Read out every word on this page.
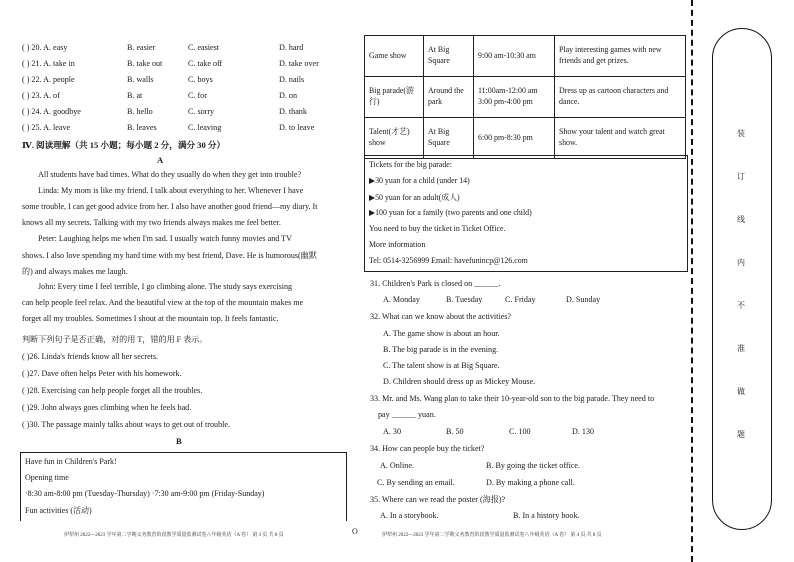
( ) 20. A. easy	B. easier	C. easiest	D. hard
( ) 21. A. take in	B. take out	C. take off	D. take over
( ) 22. A. people	B. walls	C. boys	D. nails
( ) 23. A. of	B. at	C. for	D. on
( ) 24. A. goodbye	B. hello	C. sorry	D. thank
( ) 25. A. leave	B. leaves	C. leaving	D. to leave
Ⅳ. 阅读理解（共 15 小题；每小题 2 分，满分 30 分）
A
All students have bad times. What do they usually do when they get into trouble?
Linda: My mom is like my friend. I talk about everything to her. Whenever I have
some trouble, I can get good advice from her. I also have another good friend—my diary. It
knows all my secrets. Talking with my two friends always makes me feel better.
Peter: Laughing helps me when I'm sad. I usually watch funny movies and TV
shows. I also love spending my hard time with my best friend, Dave. He is humorous(幽默
的) and always makes me laugh.
John: Every time I feel terrible, I go climbing alone. The study says exercising
can help people feel relax. And the beautiful view at the top of the mountain makes me
forget all my troubles. Sometimes I shout at the mountain top. It feels fantastic.
判断下列句子是否正确，对的用 T，错的用 F 表示。
( )26. Linda's friends know all her secrets.
( )27. Dave often helps Peter with his homework.
( )28. Exercising can help people forget all the troubles.
( )29. John always goes climbing when he feels bad.
( )30. The passage mainly talks about ways to get out of trouble.
B
Have fun in Children's Park!
Opening time
·8:30 am-8:00 pm (Tuesday-Thursday) ·7:30 am-9:00 pm (Friday-Sunday)
Fun activities (活动)
Game show	At Big Square	9:00 am-10:30 am	Play interesting games with new friends and get prizes.
Big parade(游行)	Around the park	11:00am-12:00 am 3:00 pm-4:00 pm	Dress up as cartoon characters and dance.
Talent(才艺) show	At Big Square	6:00 pm-8:30 pm	Show your talent and watch great show.
Tickets for the big parade:
▶30 yuan for a child (under 14)
▶50 yuan for an adult(成人)
▶100 yuan for a family (two parents and one child)
You need to buy the ticket in Ticket Office.
More information
Tel: 0514-3256999 Email: havefunincp@126.com
31. Children's Park is closed on ______.
A. Monday	B. Tuesday	C. Friday	D. Sunday
32. What can we know about the activities?
A. The game show is about an hour.
B. The big parade is in the evening.
C. The talent show is at Big Square.
D. Children should dress up as Mickey Mouse.
33. Mr. and Ms. Wang plan to take their 10-year-old son to the big parade. They need to
pay ______ yuan.
A. 30	B. 50	C. 100	D. 130
34. How can people buy the ticket?
A. Online.	B. By going the ticket office.
C. By sending an email.	D. By making a phone call.
35. Where can we read the poster (海报)?
A. In a storybook.	B. In a history book.
装
订
线
内
不
准
做
题
伊犁州 2022—2023 学年第二学期义务教育阶段教学质量监测试卷八年级英语（A 卷） 第 3 页 共 8 页	O	伊犁州 2022—2023 学年第二学期义务教育阶段教学质量监测试卷八年级英语（A 卷） 第 4 页 共 8 页
